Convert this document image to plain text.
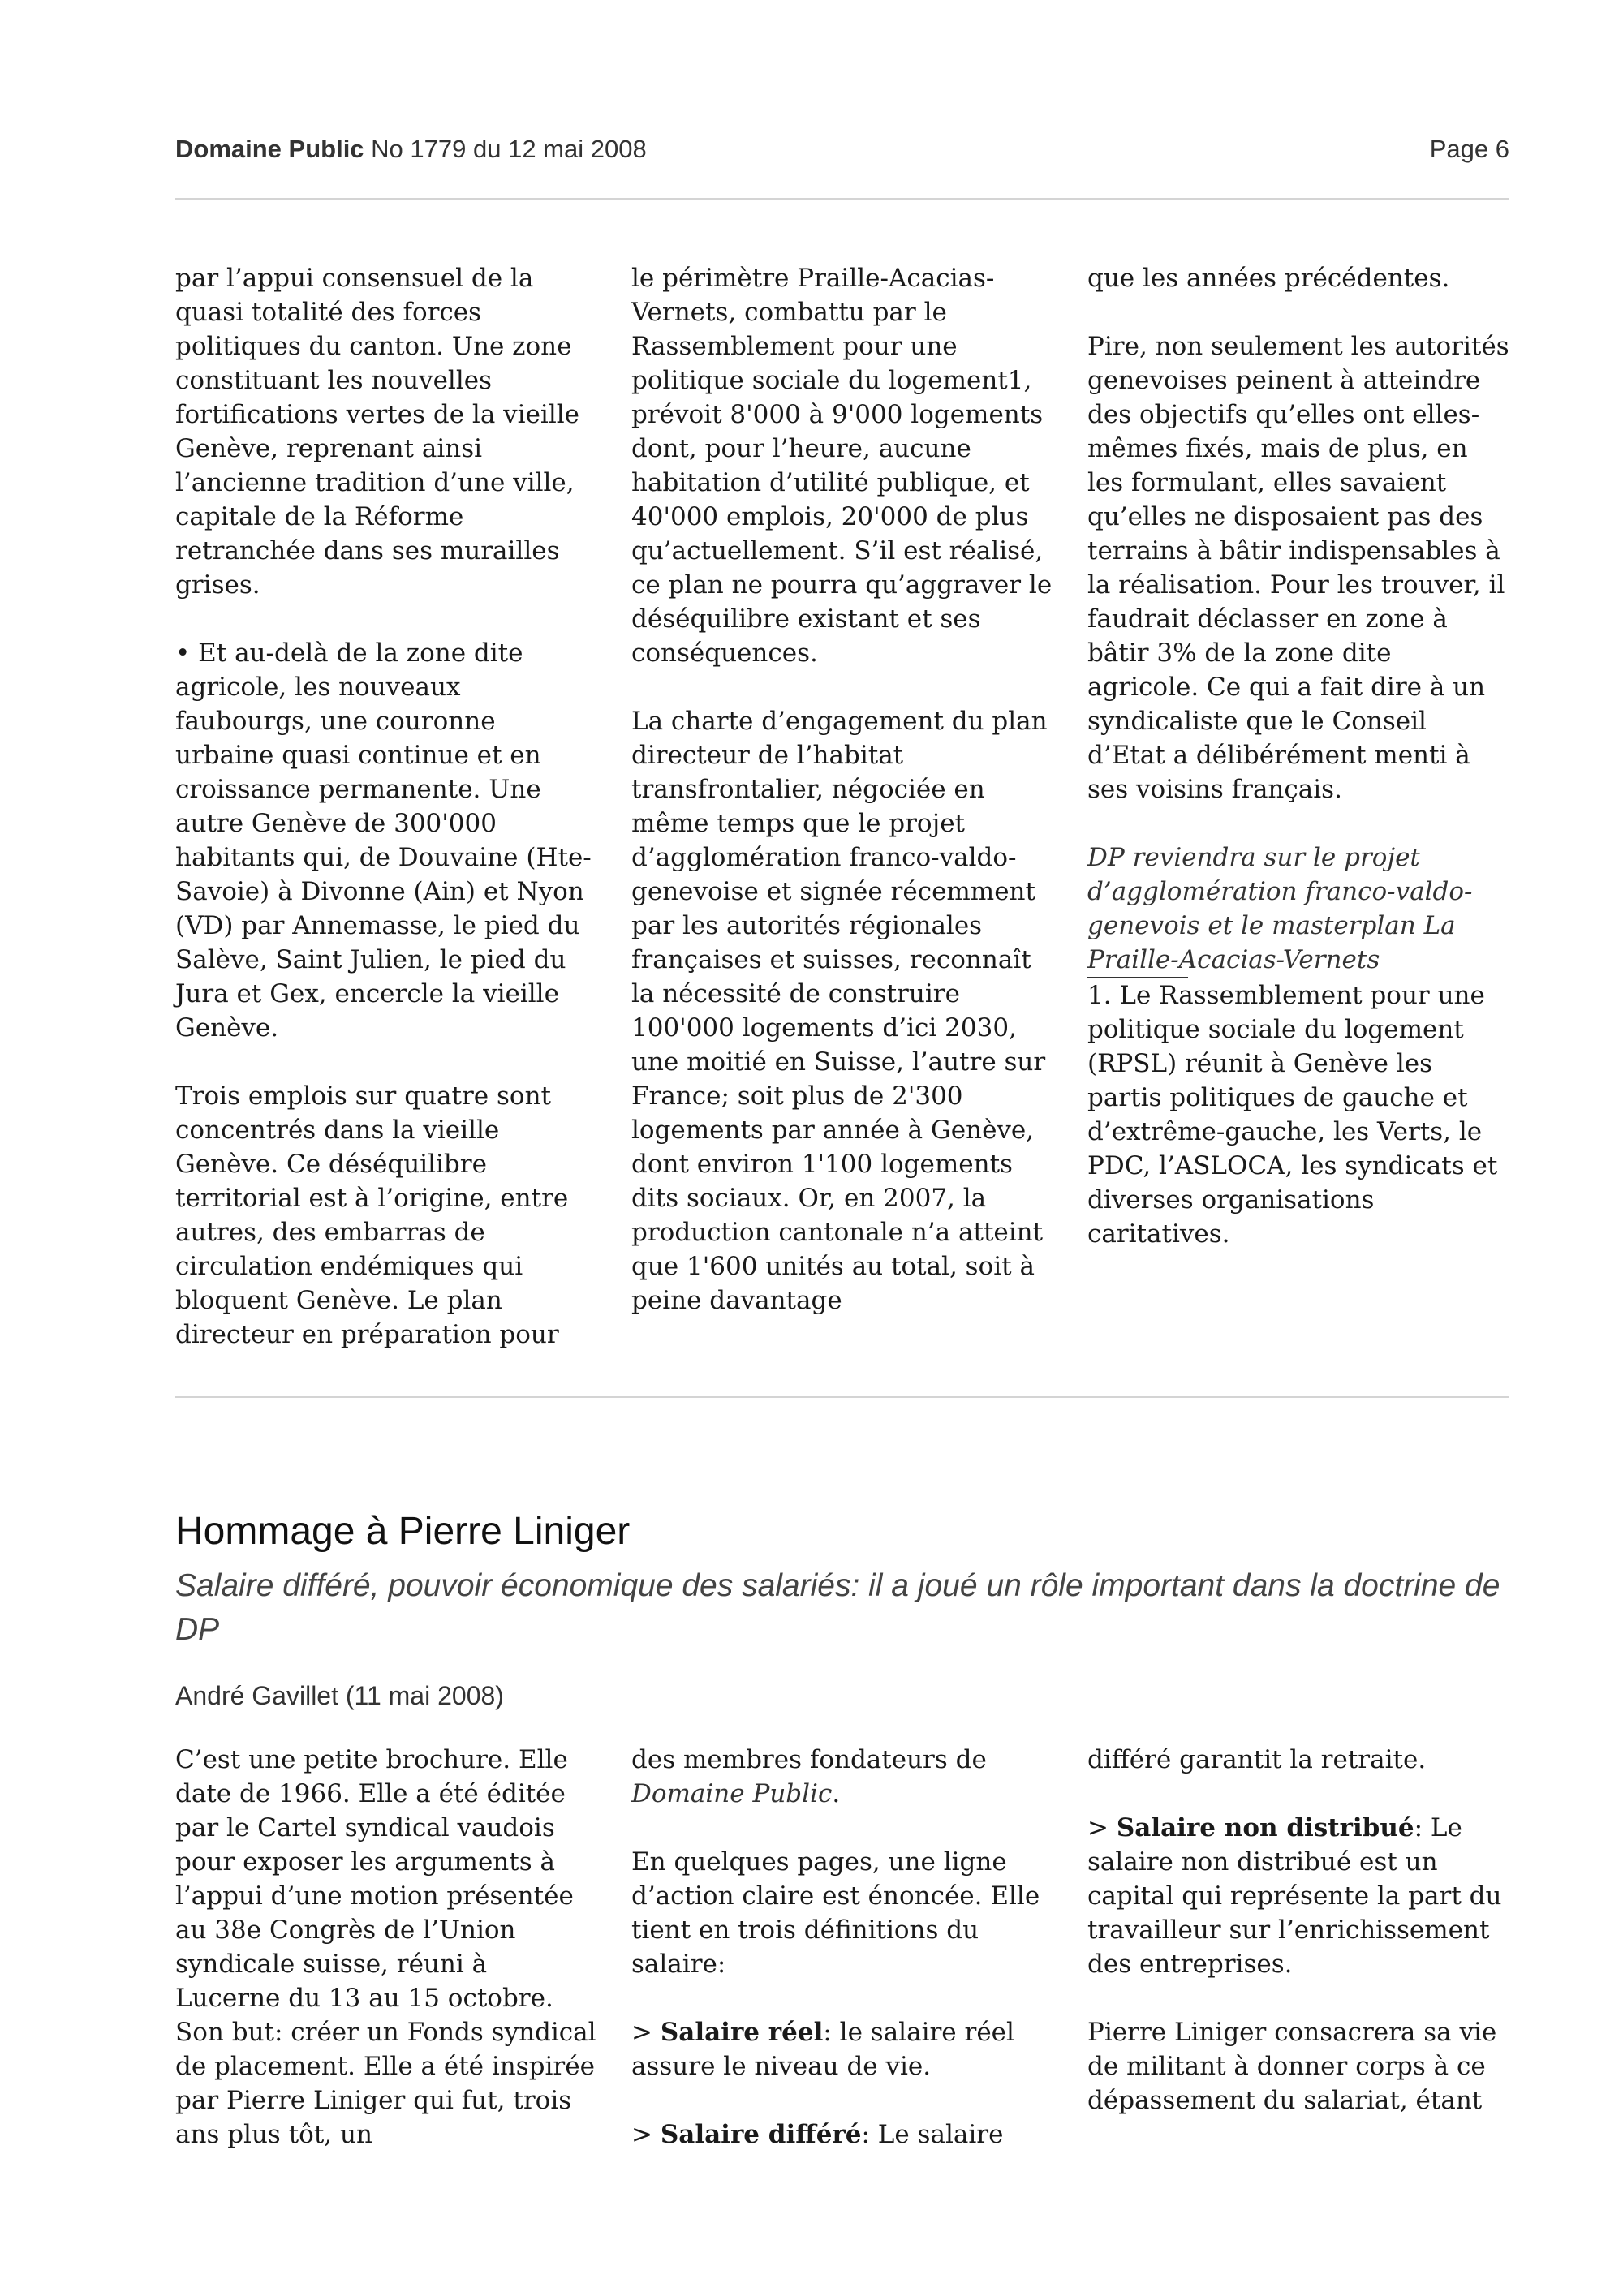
Domaine Public No 1779 du 12 mai 2008	Page 6

par l’appui consensuel de la quasi totalité des forces politiques du canton. Une zone constituant les nouvelles fortifications vertes de la vieille Genève, reprenant ainsi l’ancienne tradition d’une ville, capitale de la Réforme retranchée dans ses murailles grises.

• Et au-delà de la zone dite agricole, les nouveaux faubourgs, une couronne urbaine quasi continue et en croissance permanente. Une autre Genève de 300'000 habitants qui, de Douvaine (Hte-Savoie) à Divonne (Ain) et Nyon (VD) par Annemasse, le pied du Salève, Saint Julien, le pied du Jura et Gex, encercle la vieille Genève.

Trois emplois sur quatre sont concentrés dans la vieille Genève. Ce déséquilibre territorial est à l’origine, entre autres, des embarras de circulation endémiques qui bloquent Genève. Le plan directeur en préparation pour

le périmètre Praille-Acacias-Vernets, combattu par le Rassemblement pour une politique sociale du logement1, prévoit 8'000 à 9'000 logements dont, pour l’heure, aucune habitation d’utilité publique, et 40'000 emplois, 20'000 de plus qu’actuellement. S’il est réalisé, ce plan ne pourra qu’aggraver le déséquilibre existant et ses conséquences.

La charte d’engagement du plan directeur de l’habitat transfrontalier, négociée en même temps que le projet d’agglomération franco-valdo-genevoise et signée récemment par les autorités régionales françaises et suisses, reconnaît la nécessité de construire 100'000 logements d’ici 2030, une moitié en Suisse, l’autre sur France; soit plus de 2'300 logements par année à Genève, dont environ 1'100 logements dits sociaux. Or, en 2007, la production cantonale n’a atteint que 1'600 unités au total, soit à peine davantage

que les années précédentes.

Pire, non seulement les autorités genevoises peinent à atteindre des objectifs qu’elles ont elles-mêmes fixés, mais de plus, en les formulant, elles savaient qu’elles ne disposaient pas des terrains à bâtir indispensables à la réalisation. Pour les trouver, il faudrait déclasser en zone à bâtir 3% de la zone dite agricole. Ce qui a fait dire à un syndicaliste que le Conseil d’Etat a délibérément menti à ses voisins français.

DP reviendra sur le projet d’agglomération franco-valdo-genevois et le masterplan La Praille-Acacias-Vernets

1. Le Rassemblement pour une politique sociale du logement (RPSL) réunit à Genève les partis politiques de gauche et d’extrême-gauche, les Verts, le PDC, l’ASLOCA, les syndicats et diverses organisations caritatives.

Hommage à Pierre Liniger
Salaire différé, pouvoir économique des salariés: il a joué un rôle important dans la doctrine de DP
André Gavillet (11 mai 2008)

C’est une petite brochure. Elle date de 1966. Elle a été éditée par le Cartel syndical vaudois pour exposer les arguments à l’appui d’une motion présentée au 38e Congrès de l’Union syndicale suisse, réuni à Lucerne du 13 au 15 octobre. Son but: créer un Fonds syndical de placement. Elle a été inspirée par Pierre Liniger qui fut, trois ans plus tôt, un

des membres fondateurs de Domaine Public.

En quelques pages, une ligne d’action claire est énoncée. Elle tient en trois définitions du salaire:

> Salaire réel: le salaire réel assure le niveau de vie.

> Salaire différé: Le salaire

différé garantit la retraite.

> Salaire non distribué: Le salaire non distribué est un capital qui représente la part du travailleur sur l’enrichissement des entreprises.

Pierre Liniger consacrera sa vie de militant à donner corps à ce dépassement du salariat, étant
